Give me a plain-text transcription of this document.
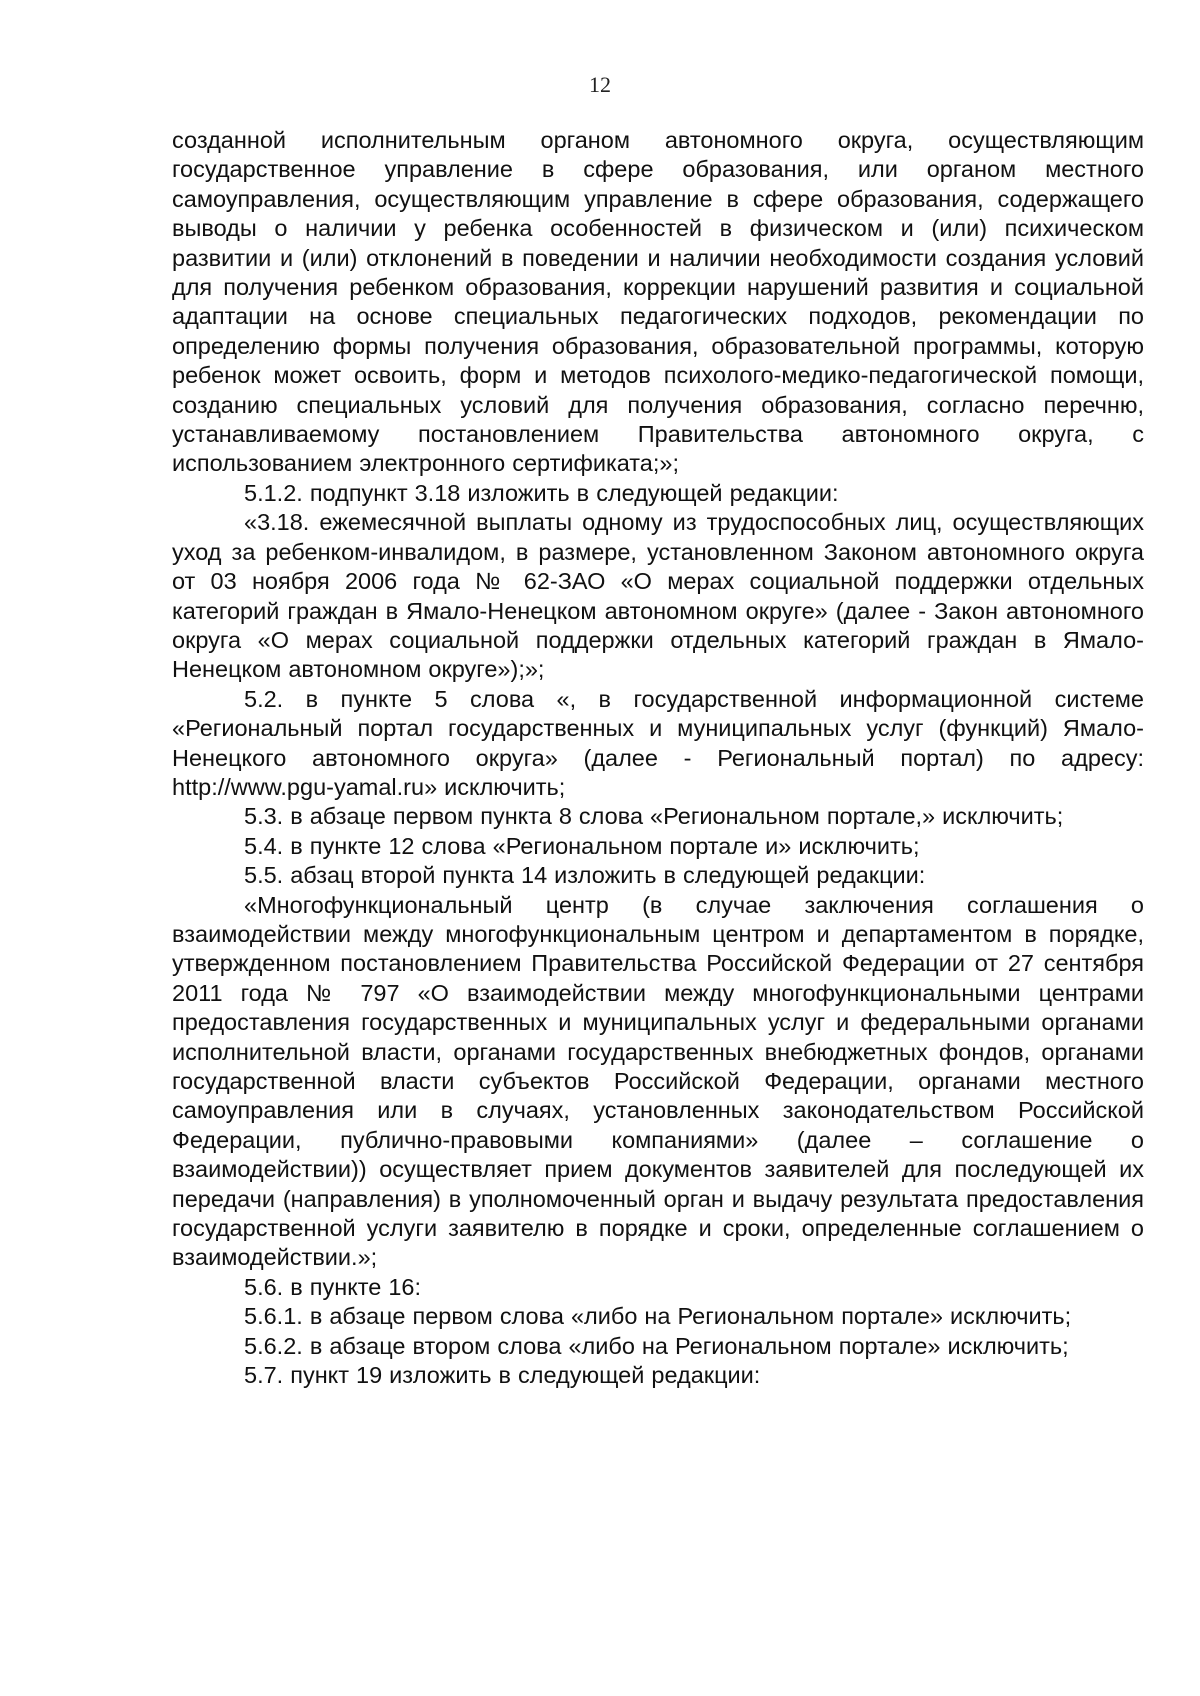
12

созданной исполнительным органом автономного округа, осуществляющим государственное управление в сфере образования, или органом местного самоуправления, осуществляющим управление в сфере образования, содержащего выводы о наличии у ребенка особенностей в физическом и (или) психическом развитии и (или) отклонений в поведении и наличии необходимости создания условий для получения ребенком образования, коррекции нарушений развития и социальной адаптации на основе специальных педагогических подходов, рекомендации по определению формы получения образования, образовательной программы, которую ребенок может освоить, форм и методов психолого-медико-педагогической помощи, созданию специальных условий для получения образования, согласно перечню, устанавливаемому постановлением Правительства автономного округа, с использованием электронного сертификата;»;

5.1.2. подпункт 3.18 изложить в следующей редакции:

«3.18. ежемесячной выплаты одному из трудоспособных лиц, осуществляющих уход за ребенком-инвалидом, в размере, установленном Законом автономного округа от 03 ноября 2006 года № 62-ЗАО «О мерах социальной поддержки отдельных категорий граждан в Ямало-Ненецком автономном округе» (далее - Закон автономного округа «О мерах социальной поддержки отдельных категорий граждан в Ямало-Ненецком автономном округе»);»;

5.2. в пункте 5 слова «, в государственной информационной системе «Региональный портал государственных и муниципальных услуг (функций) Ямало-Ненецкого автономного округа» (далее - Региональный портал) по адресу: http://www.pgu-yamal.ru» исключить;

5.3. в абзаце первом пункта 8 слова «Региональном портале,» исключить;

5.4. в пункте 12 слова «Региональном портале и» исключить;

5.5. абзац второй пункта 14 изложить в следующей редакции:

«Многофункциональный центр (в случае заключения соглашения о взаимодействии между многофункциональным центром и департаментом в порядке, утвержденном постановлением Правительства Российской Федерации от 27 сентября 2011 года № 797 «О взаимодействии между многофункциональными центрами предоставления государственных и муниципальных услуг и федеральными органами исполнительной власти, органами государственных внебюджетных фондов, органами государственной власти субъектов Российской Федерации, органами местного самоуправления или в случаях, установленных законодательством Российской Федерации, публично-правовыми компаниями» (далее – соглашение о взаимодействии)) осуществляет прием документов заявителей для последующей их передачи (направления) в уполномоченный орган и выдачу результата предоставления государственной услуги заявителю в порядке и сроки, определенные соглашением о взаимодействии.»;

5.6. в пункте 16:

5.6.1. в абзаце первом слова «либо на Региональном портале» исключить;

5.6.2. в абзаце втором слова «либо на Региональном портале» исключить;

5.7. пункт 19 изложить в следующей редакции:
